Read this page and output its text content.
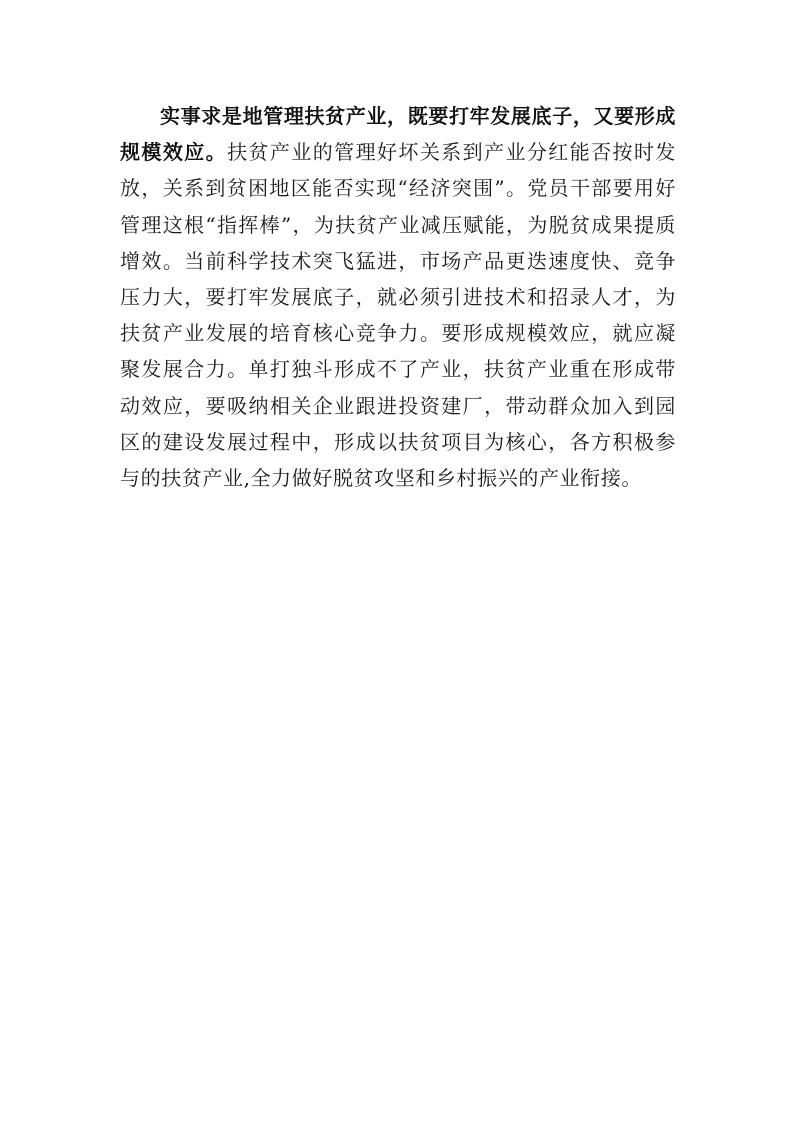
实事求是地管理扶贫产业，既要打牢发展底子，又要形成规模效应。扶贫产业的管理好坏关系到产业分红能否按时发放，关系到贫困地区能否实现“经济突围”。党员干部要用好管理这根“指挥棒”，为扶贫产业减压赋能，为脱贫成果提质增效。当前科学技术突飞猛进，市场产品更迭速度快、竞争压力大，要打牢发展底子，就必须引进技术和招录人才，为扶贫产业发展的培育核心竞争力。要形成规模效应，就应凝聚发展合力。单打独斗形成不了产业，扶贫产业重在形成带动效应，要吸纳相关企业跟进投资建厂，带动群众加入到园区的建设发展过程中，形成以扶贫项目为核心，各方积极参与的扶贫产业,全力做好脱贫攻坚和乡村振兴的产业衔接。
